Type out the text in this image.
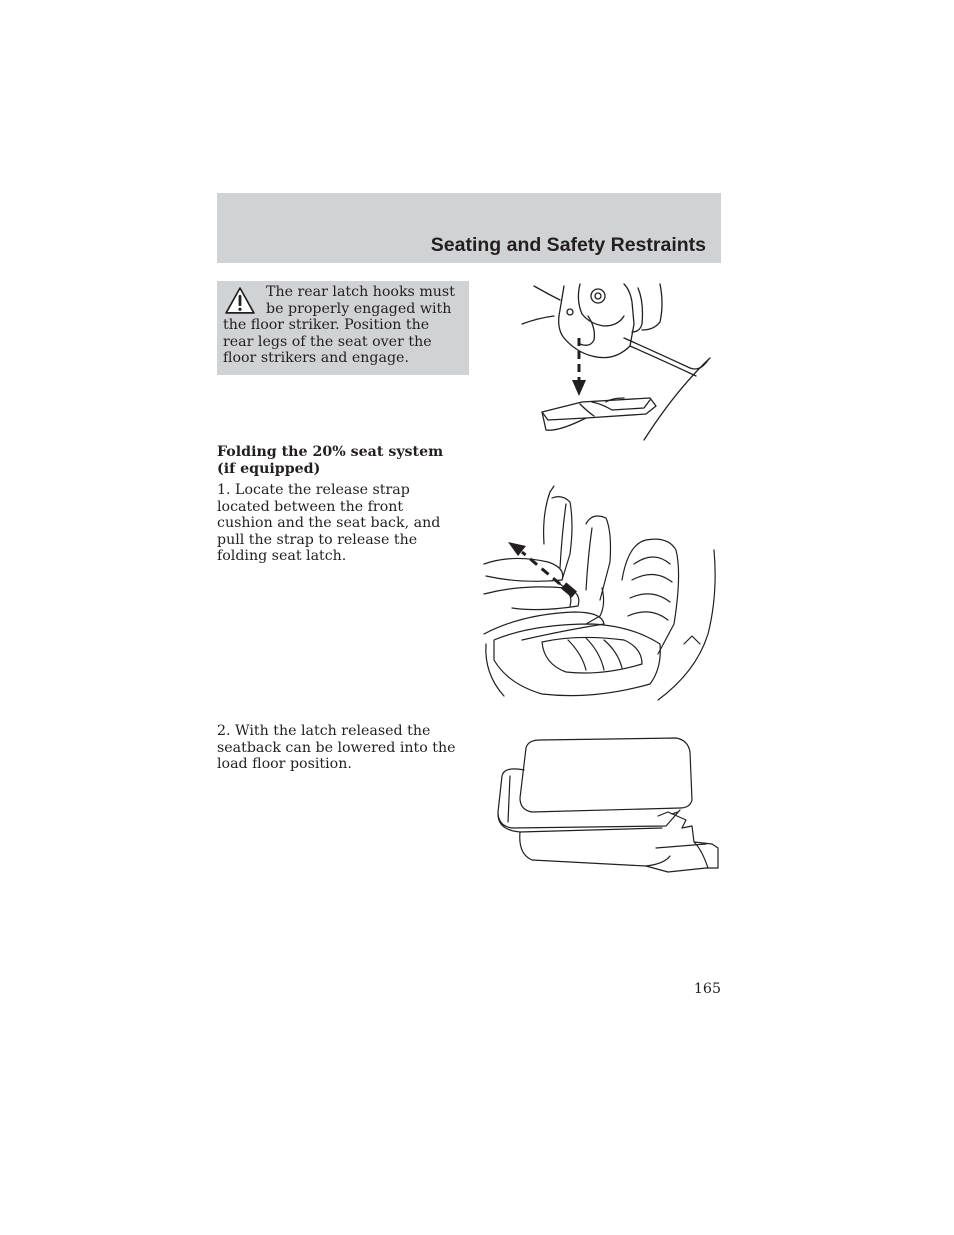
Seating and Safety Restraints

The rear latch hooks must be properly engaged with the floor striker. Position the rear legs of the seat over the floor strikers and engage.

Folding the 20% seat system (if equipped)

1. Locate the release strap located between the front cushion and the seat back, and pull the strap to release the folding seat latch.

2. With the latch released the seatback can be lowered into the load floor position.

165
